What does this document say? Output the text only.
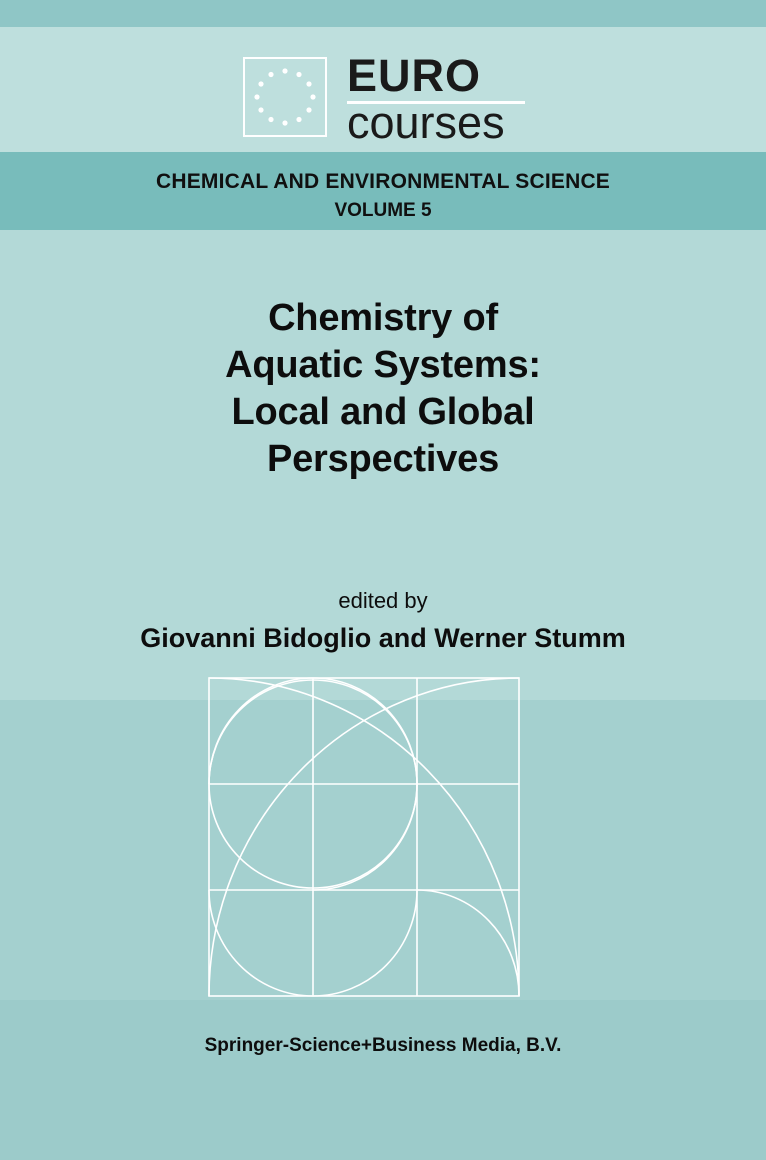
EURO
courses
CHEMICAL AND ENVIRONMENTAL SCIENCE
VOLUME 5
Chemistry of
Aquatic Systems:
Local and Global
Perspectives
edited by
Giovanni Bidoglio and Werner Stumm
Springer-Science+Business Media, B.V.
